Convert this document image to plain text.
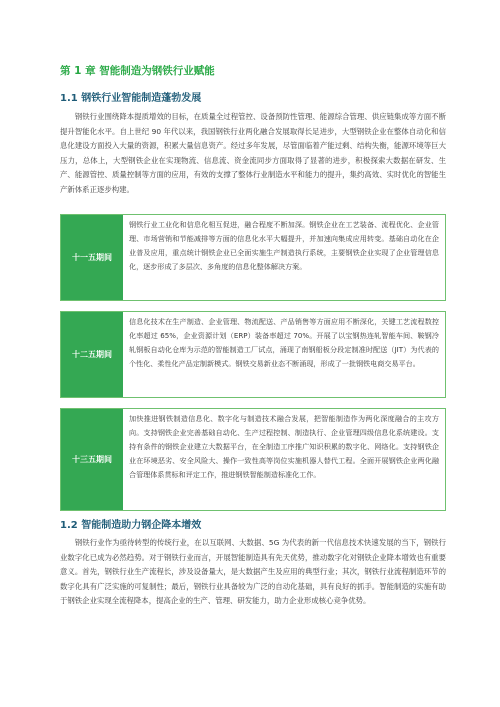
第 1 章 智能制造为钢铁行业赋能
1.1 钢铁行业智能制造蓬勃发展

钢铁行业围绕降本提质增效的目标，在质量全过程管控、设备预防性管理、能源综合管理、供应链集成等方面不断提升智能化水平。自上世纪 90 年代以来，我国钢铁行业两化融合发展取得长足进步，大型钢铁企业在整体自动化和信息化建设方面投入大量的资源，积累大量信息资产。经过多年发展，尽管面临着产能过剩、结构失衡，能源环境等巨大压力，总体上，大型钢铁企业在实现物流、信息流、资金流同步方面取得了显著的进步，积极探索大数据在研发、生产、能源管控、质量控制等方面的应用，有效的支撑了整体行业制造水平和能力的提升，集约高效、实时优化的智能生产新体系正逐步构建。

十一五期间

钢铁行业工业化和信息化相互促进，融合程度不断加深。钢铁企业在工艺装备、流程优化、企业管理、市场营销和节能减排等方面的信息化水平大幅提升，并加速向集成应用转变。基础自动化在企业普及应用，重点统计钢铁企业已全面实施生产制造执行系统，主要钢铁企业实现了企业管理信息化，逐步形成了多层次、多角度的信息化整体解决方案。

十二五期间

信息化技术在生产制造、企业管理、物流配送、产品销售等方面应用不断深化，关键工艺流程数控化率超过 65%，企业资源计划（ERP）装备率超过 70%。开展了以宝钢热连轧智能车间、鞍钢冷轧钢板自动化仓库为示范的智能制造工厂试点，涌现了南钢船板分段定制准时配送（JIT）为代表的个性化、柔性化产品定制新模式。钢铁交易新业态不断涌现，形成了一批钢铁电商交易平台。

十三五期间

加快推进钢铁制造信息化、数字化与制造技术融合发展，把智能制造作为两化深度融合的主攻方向。支持钢铁企业完善基础自动化、生产过程控制、制造执行、企业管理四级信息化系统建设。支持有条件的钢铁企业建立大数据平台，在全制造工序推广知识积累的数字化、网络化。支持钢铁企业在环境恶劣、安全风险大、操作一致性高等岗位实施机器人替代工程。全面开展钢铁企业两化融合管理体系贯标和评定工作，推进钢铁智能制造标准化工作。

1.2 智能制造助力钢企降本增效

钢铁行业作为亟待转型的传统行业，在以互联网、大数据、5G 为代表的新一代信息技术快速发展的当下，钢铁行业数字化已成为必然趋势。对于钢铁行业而言，开展智能制造具有先天优势，推动数字化对钢铁企业降本增效也有重要意义。首先，钢铁行业生产流程长，涉及设备量大，是大数据产生及应用的典型行业；其次，钢铁行业流程制造环节的数字化具有广泛实施的可复制性；最后，钢铁行业具备较为广泛的自动化基础，具有良好的抓手。智能制造的实施有助于钢铁企业实现全流程降本，提高企业的生产、管理、研发能力，助力企业形成核心竞争优势。
